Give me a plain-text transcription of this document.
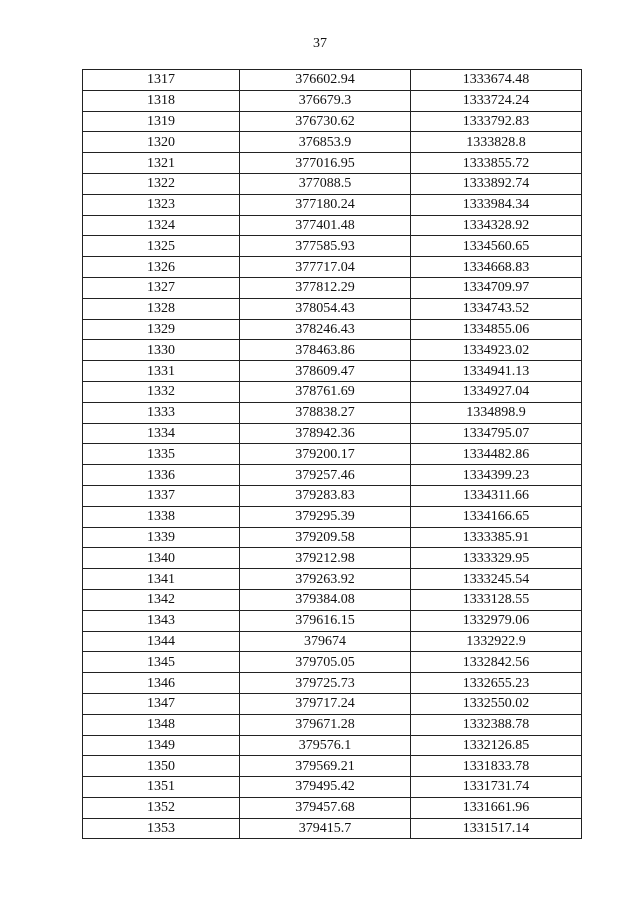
37
1317	376602.94	1333674.48
1318	376679.3	1333724.24
1319	376730.62	1333792.83
1320	376853.9	1333828.8
1321	377016.95	1333855.72
1322	377088.5	1333892.74
1323	377180.24	1333984.34
1324	377401.48	1334328.92
1325	377585.93	1334560.65
1326	377717.04	1334668.83
1327	377812.29	1334709.97
1328	378054.43	1334743.52
1329	378246.43	1334855.06
1330	378463.86	1334923.02
1331	378609.47	1334941.13
1332	378761.69	1334927.04
1333	378838.27	1334898.9
1334	378942.36	1334795.07
1335	379200.17	1334482.86
1336	379257.46	1334399.23
1337	379283.83	1334311.66
1338	379295.39	1334166.65
1339	379209.58	1333385.91
1340	379212.98	1333329.95
1341	379263.92	1333245.54
1342	379384.08	1333128.55
1343	379616.15	1332979.06
1344	379674	1332922.9
1345	379705.05	1332842.56
1346	379725.73	1332655.23
1347	379717.24	1332550.02
1348	379671.28	1332388.78
1349	379576.1	1332126.85
1350	379569.21	1331833.78
1351	379495.42	1331731.74
1352	379457.68	1331661.96
1353	379415.7	1331517.14
